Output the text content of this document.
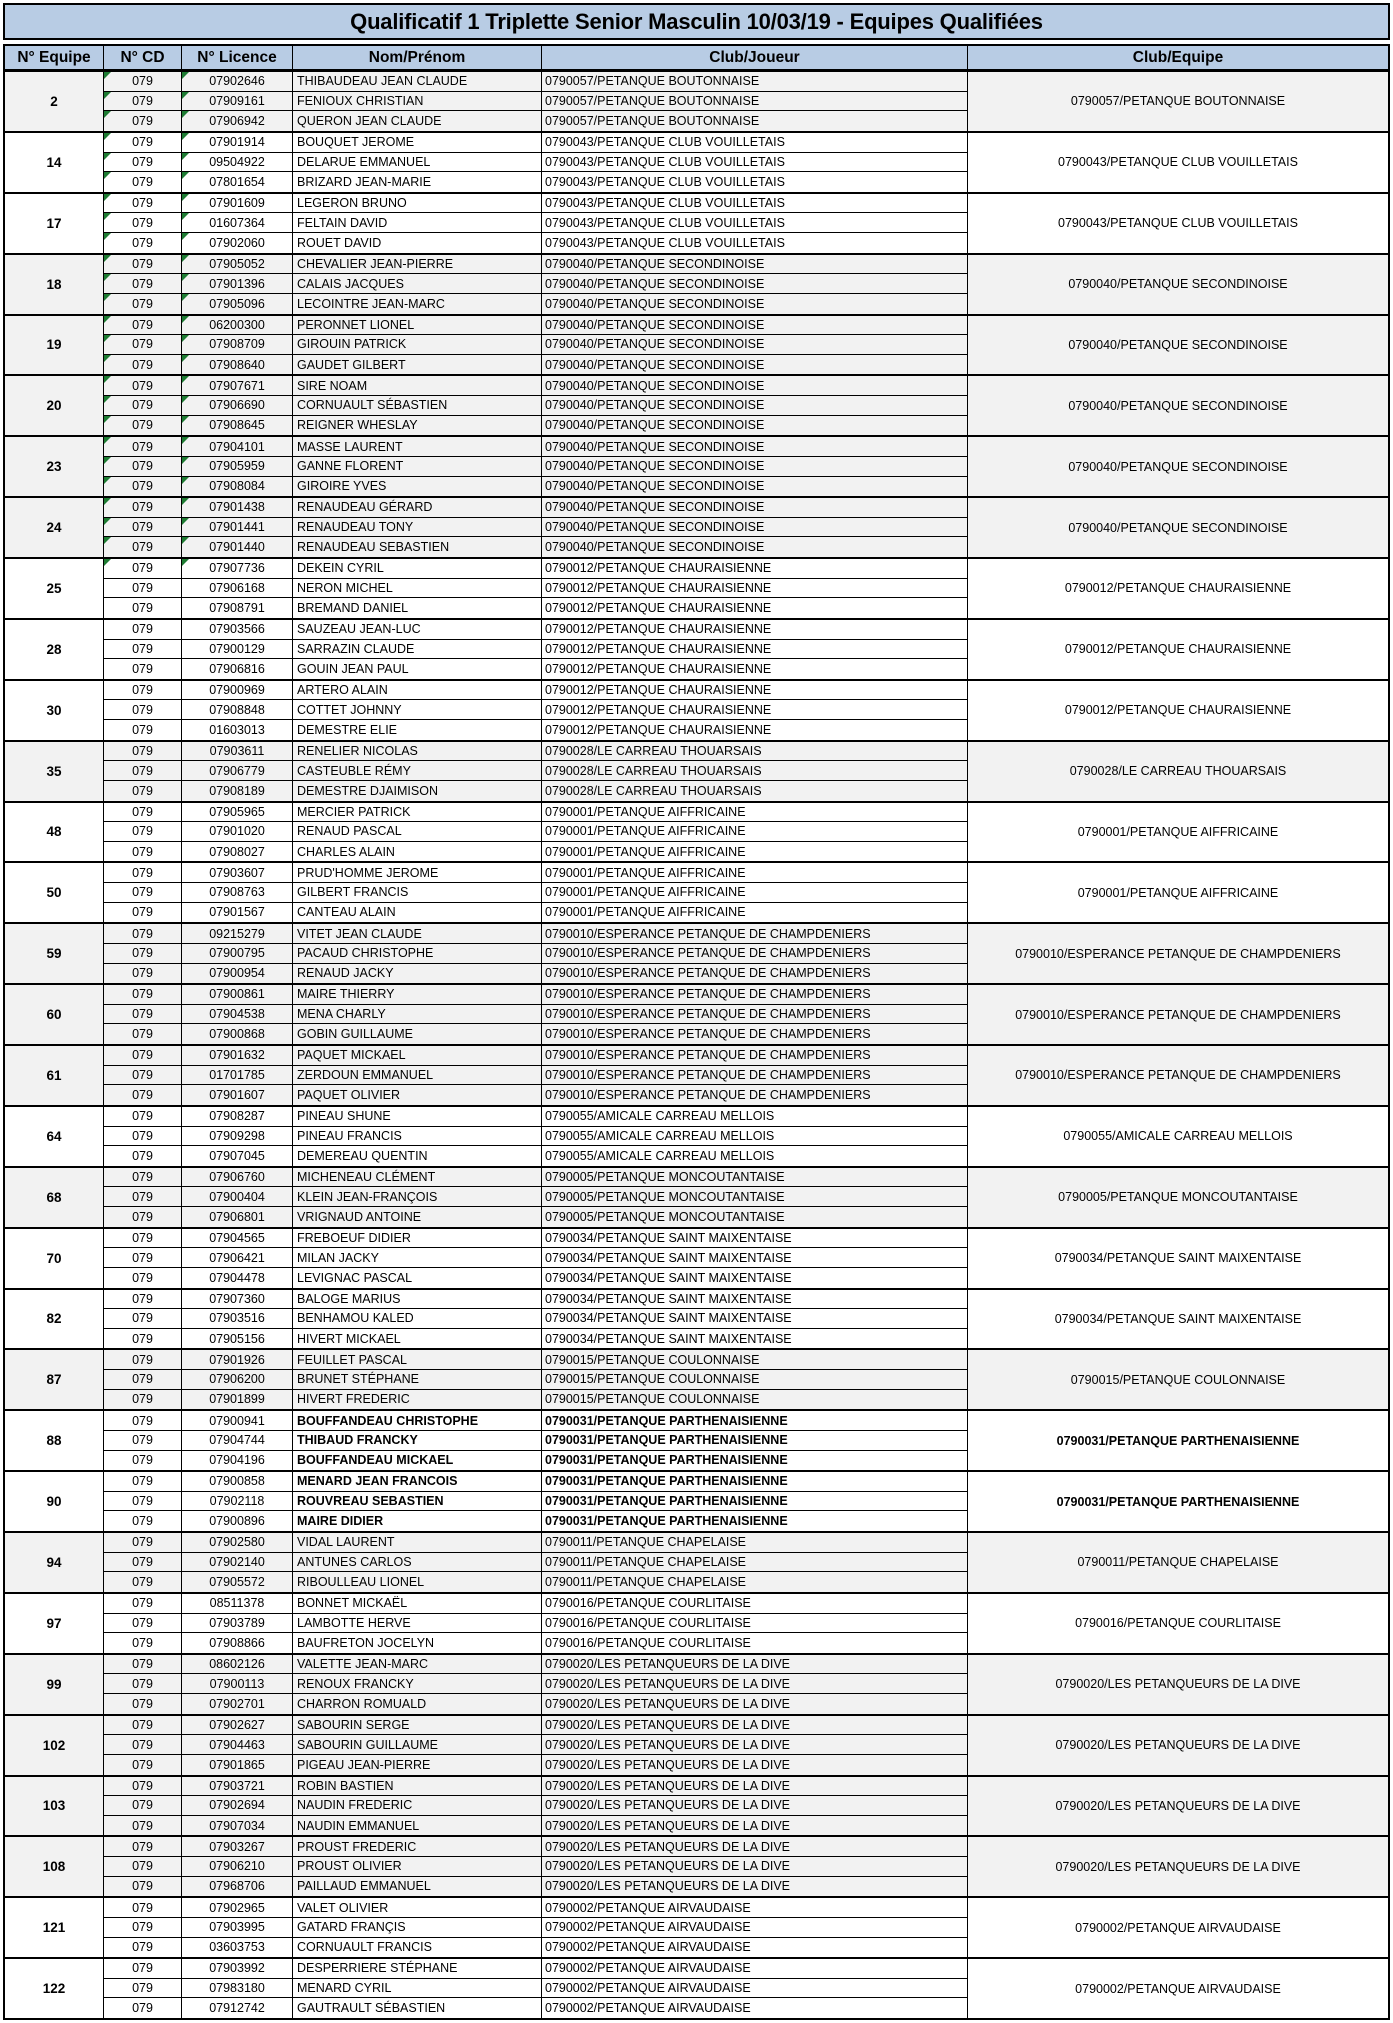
Qualificatif 1 Triplette Senior Masculin 10/03/19 - Equipes Qualifiées
N° Equipe	N° CD	N° Licence	Nom/Prénom	Club/Joueur	Club/Equipe
2
079	07902646	THIBAUDEAU JEAN CLAUDE	0790057/PETANQUE BOUTONNAISE
079	07909161	FENIOUX CHRISTIAN	0790057/PETANQUE BOUTONNAISE
079	07906942	QUERON JEAN CLAUDE	0790057/PETANQUE BOUTONNAISE
0790057/PETANQUE BOUTONNAISE
14
079	07901914	BOUQUET JEROME	0790043/PETANQUE CLUB VOUILLETAIS
079	09504922	DELARUE EMMANUEL	0790043/PETANQUE CLUB VOUILLETAIS
079	07801654	BRIZARD JEAN-MARIE	0790043/PETANQUE CLUB VOUILLETAIS
0790043/PETANQUE CLUB VOUILLETAIS
17
079	07901609	LEGERON BRUNO	0790043/PETANQUE CLUB VOUILLETAIS
079	01607364	FELTAIN DAVID	0790043/PETANQUE CLUB VOUILLETAIS
079	07902060	ROUET DAVID	0790043/PETANQUE CLUB VOUILLETAIS
0790043/PETANQUE CLUB VOUILLETAIS
18
079	07905052	CHEVALIER JEAN-PIERRE	0790040/PETANQUE SECONDINOISE
079	07901396	CALAIS JACQUES	0790040/PETANQUE SECONDINOISE
079	07905096	LECOINTRE JEAN-MARC	0790040/PETANQUE SECONDINOISE
0790040/PETANQUE SECONDINOISE
19
079	06200300	PERONNET LIONEL	0790040/PETANQUE SECONDINOISE
079	07908709	GIROUIN PATRICK	0790040/PETANQUE SECONDINOISE
079	07908640	GAUDET GILBERT	0790040/PETANQUE SECONDINOISE
0790040/PETANQUE SECONDINOISE
20
079	07907671	SIRE NOAM	0790040/PETANQUE SECONDINOISE
079	07906690	CORNUAULT SÉBASTIEN	0790040/PETANQUE SECONDINOISE
079	07908645	REIGNER WHESLAY	0790040/PETANQUE SECONDINOISE
0790040/PETANQUE SECONDINOISE
23
079	07904101	MASSE LAURENT	0790040/PETANQUE SECONDINOISE
079	07905959	GANNE FLORENT	0790040/PETANQUE SECONDINOISE
079	07908084	GIROIRE YVES	0790040/PETANQUE SECONDINOISE
0790040/PETANQUE SECONDINOISE
24
079	07901438	RENAUDEAU GÉRARD	0790040/PETANQUE SECONDINOISE
079	07901441	RENAUDEAU TONY	0790040/PETANQUE SECONDINOISE
079	07901440	RENAUDEAU SEBASTIEN	0790040/PETANQUE SECONDINOISE
0790040/PETANQUE SECONDINOISE
25
079	07907736	DEKEIN CYRIL	0790012/PETANQUE CHAURAISIENNE
079	07906168	NERON MICHEL	0790012/PETANQUE CHAURAISIENNE
079	07908791	BREMAND DANIEL	0790012/PETANQUE CHAURAISIENNE
0790012/PETANQUE CHAURAISIENNE
28
079	07903566	SAUZEAU JEAN-LUC	0790012/PETANQUE CHAURAISIENNE
079	07900129	SARRAZIN CLAUDE	0790012/PETANQUE CHAURAISIENNE
079	07906816	GOUIN JEAN PAUL	0790012/PETANQUE CHAURAISIENNE
0790012/PETANQUE CHAURAISIENNE
30
079	07900969	ARTERO ALAIN	0790012/PETANQUE CHAURAISIENNE
079	07908848	COTTET JOHNNY	0790012/PETANQUE CHAURAISIENNE
079	01603013	DEMESTRE ELIE	0790012/PETANQUE CHAURAISIENNE
0790012/PETANQUE CHAURAISIENNE
35
079	07903611	RENELIER NICOLAS	0790028/LE CARREAU THOUARSAIS
079	07906779	CASTEUBLE RÉMY	0790028/LE CARREAU THOUARSAIS
079	07908189	DEMESTRE DJAIMISON	0790028/LE CARREAU THOUARSAIS
0790028/LE CARREAU THOUARSAIS
48
079	07905965	MERCIER PATRICK	0790001/PETANQUE AIFFRICAINE
079	07901020	RENAUD PASCAL	0790001/PETANQUE AIFFRICAINE
079	07908027	CHARLES ALAIN	0790001/PETANQUE AIFFRICAINE
0790001/PETANQUE AIFFRICAINE
50
079	07903607	PRUD'HOMME JEROME	0790001/PETANQUE AIFFRICAINE
079	07908763	GILBERT FRANCIS	0790001/PETANQUE AIFFRICAINE
079	07901567	CANTEAU ALAIN	0790001/PETANQUE AIFFRICAINE
0790001/PETANQUE AIFFRICAINE
59
079	09215279	VITET JEAN CLAUDE	0790010/ESPERANCE PETANQUE DE CHAMPDENIERS
079	07900795	PACAUD CHRISTOPHE	0790010/ESPERANCE PETANQUE DE CHAMPDENIERS
079	07900954	RENAUD JACKY	0790010/ESPERANCE PETANQUE DE CHAMPDENIERS
0790010/ESPERANCE PETANQUE DE CHAMPDENIERS
60
079	07900861	MAIRE THIERRY	0790010/ESPERANCE PETANQUE DE CHAMPDENIERS
079	07904538	MENA CHARLY	0790010/ESPERANCE PETANQUE DE CHAMPDENIERS
079	07900868	GOBIN GUILLAUME	0790010/ESPERANCE PETANQUE DE CHAMPDENIERS
0790010/ESPERANCE PETANQUE DE CHAMPDENIERS
61
079	07901632	PAQUET MICKAEL	0790010/ESPERANCE PETANQUE DE CHAMPDENIERS
079	01701785	ZERDOUN EMMANUEL	0790010/ESPERANCE PETANQUE DE CHAMPDENIERS
079	07901607	PAQUET OLIVIER	0790010/ESPERANCE PETANQUE DE CHAMPDENIERS
0790010/ESPERANCE PETANQUE DE CHAMPDENIERS
64
079	07908287	PINEAU SHUNE	0790055/AMICALE CARREAU MELLOIS
079	07909298	PINEAU FRANCIS	0790055/AMICALE CARREAU MELLOIS
079	07907045	DEMEREAU QUENTIN	0790055/AMICALE CARREAU MELLOIS
0790055/AMICALE CARREAU MELLOIS
68
079	07906760	MICHENEAU CLÉMENT	0790005/PETANQUE MONCOUTANTAISE
079	07900404	KLEIN JEAN-FRANÇOIS	0790005/PETANQUE MONCOUTANTAISE
079	07906801	VRIGNAUD ANTOINE	0790005/PETANQUE MONCOUTANTAISE
0790005/PETANQUE MONCOUTANTAISE
70
079	07904565	FREBOEUF DIDIER	0790034/PETANQUE SAINT MAIXENTAISE
079	07906421	MILAN JACKY	0790034/PETANQUE SAINT MAIXENTAISE
079	07904478	LEVIGNAC PASCAL	0790034/PETANQUE SAINT MAIXENTAISE
0790034/PETANQUE SAINT MAIXENTAISE
82
079	07907360	BALOGE MARIUS	0790034/PETANQUE SAINT MAIXENTAISE
079	07903516	BENHAMOU KALED	0790034/PETANQUE SAINT MAIXENTAISE
079	07905156	HIVERT MICKAEL	0790034/PETANQUE SAINT MAIXENTAISE
0790034/PETANQUE SAINT MAIXENTAISE
87
079	07901926	FEUILLET PASCAL	0790015/PETANQUE COULONNAISE
079	07906200	BRUNET STÉPHANE	0790015/PETANQUE COULONNAISE
079	07901899	HIVERT FREDERIC	0790015/PETANQUE COULONNAISE
0790015/PETANQUE COULONNAISE
88
079	07900941	BOUFFANDEAU CHRISTOPHE	0790031/PETANQUE PARTHENAISIENNE
079	07904744	THIBAUD FRANCKY	0790031/PETANQUE PARTHENAISIENNE
079	07904196	BOUFFANDEAU MICKAEL	0790031/PETANQUE PARTHENAISIENNE
0790031/PETANQUE PARTHENAISIENNE
90
079	07900858	MENARD JEAN FRANCOIS	0790031/PETANQUE PARTHENAISIENNE
079	07902118	ROUVREAU SEBASTIEN	0790031/PETANQUE PARTHENAISIENNE
079	07900896	MAIRE DIDIER	0790031/PETANQUE PARTHENAISIENNE
0790031/PETANQUE PARTHENAISIENNE
94
079	07902580	VIDAL LAURENT	0790011/PETANQUE CHAPELAISE
079	07902140	ANTUNES CARLOS	0790011/PETANQUE CHAPELAISE
079	07905572	RIBOULLEAU LIONEL	0790011/PETANQUE CHAPELAISE
0790011/PETANQUE CHAPELAISE
97
079	08511378	BONNET MICKAËL	0790016/PETANQUE COURLITAISE
079	07903789	LAMBOTTE HERVE	0790016/PETANQUE COURLITAISE
079	07908866	BAUFRETON JOCELYN	0790016/PETANQUE COURLITAISE
0790016/PETANQUE COURLITAISE
99
079	08602126	VALETTE JEAN-MARC	0790020/LES PETANQUEURS DE LA DIVE
079	07900113	RENOUX FRANCKY	0790020/LES PETANQUEURS DE LA DIVE
079	07902701	CHARRON ROMUALD	0790020/LES PETANQUEURS DE LA DIVE
0790020/LES PETANQUEURS DE LA DIVE
102
079	07902627	SABOURIN SERGE	0790020/LES PETANQUEURS DE LA DIVE
079	07904463	SABOURIN GUILLAUME	0790020/LES PETANQUEURS DE LA DIVE
079	07901865	PIGEAU JEAN-PIERRE	0790020/LES PETANQUEURS DE LA DIVE
0790020/LES PETANQUEURS DE LA DIVE
103
079	07903721	ROBIN BASTIEN	0790020/LES PETANQUEURS DE LA DIVE
079	07902694	NAUDIN FREDERIC	0790020/LES PETANQUEURS DE LA DIVE
079	07907034	NAUDIN EMMANUEL	0790020/LES PETANQUEURS DE LA DIVE
0790020/LES PETANQUEURS DE LA DIVE
108
079	07903267	PROUST FREDERIC	0790020/LES PETANQUEURS DE LA DIVE
079	07906210	PROUST OLIVIER	0790020/LES PETANQUEURS DE LA DIVE
079	07968706	PAILLAUD EMMANUEL	0790020/LES PETANQUEURS DE LA DIVE
0790020/LES PETANQUEURS DE LA DIVE
121
079	07902965	VALET OLIVIER	0790002/PETANQUE AIRVAUDAISE
079	07903995	GATARD FRANÇIS	0790002/PETANQUE AIRVAUDAISE
079	03603753	CORNUAULT FRANCIS	0790002/PETANQUE AIRVAUDAISE
0790002/PETANQUE AIRVAUDAISE
122
079	07903992	DESPERRIERE STÉPHANE	0790002/PETANQUE AIRVAUDAISE
079	07983180	MENARD CYRIL	0790002/PETANQUE AIRVAUDAISE
079	07912742	GAUTRAULT SÉBASTIEN	0790002/PETANQUE AIRVAUDAISE
0790002/PETANQUE AIRVAUDAISE
